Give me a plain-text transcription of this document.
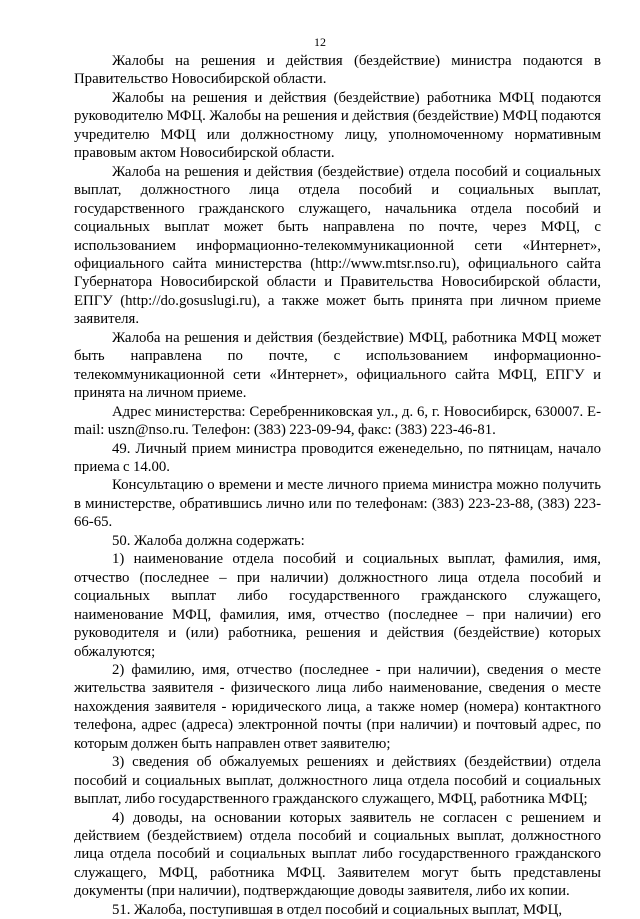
12

Жалобы на решения и действия (бездействие) министра подаются в Правительство Новосибирской области.

Жалобы на решения и действия (бездействие) работника МФЦ подаются руководителю МФЦ. Жалобы на решения и действия (бездействие) МФЦ подаются учредителю МФЦ или должностному лицу, уполномоченному нормативным правовым актом Новосибирской области.

Жалоба на решения и действия (бездействие) отдела пособий и социальных выплат, должностного лица отдела пособий и социальных выплат, государственного гражданского служащего, начальника отдела пособий и социальных выплат может быть направлена по почте, через МФЦ, с использованием информационно-телекоммуникационной сети «Интернет», официального сайта министерства (http://www.mtsr.nso.ru), официального сайта Губернатора Новосибирской области и Правительства Новосибирской области, ЕПГУ (http://do.gosuslugi.ru), а также может быть принята при личном приеме заявителя.

Жалоба на решения и действия (бездействие) МФЦ, работника МФЦ может быть направлена по почте, с использованием информационно-телекоммуникационной сети «Интернет», официального сайта МФЦ, ЕПГУ и принята на личном приеме.

Адрес министерства: Серебренниковская ул., д. 6, г. Новосибирск, 630007. E-mail: uszn@nso.ru. Телефон: (383) 223-09-94, факс: (383) 223-46-81.

49. Личный прием министра проводится еженедельно, по пятницам, начало приема с 14.00.

Консультацию о времени и месте личного приема министра можно получить в министерстве, обратившись лично или по телефонам: (383) 223-23-88, (383) 223-66-65.

50. Жалоба должна содержать:

1) наименование отдела пособий и социальных выплат, фамилия, имя, отчество (последнее – при наличии) должностного лица отдела пособий и социальных выплат либо государственного гражданского служащего, наименование МФЦ, фамилия, имя, отчество (последнее – при наличии) его руководителя и (или) работника, решения и действия (бездействие) которых обжалуются;

2) фамилию, имя, отчество (последнее - при наличии), сведения о месте жительства заявителя - физического лица либо наименование, сведения о месте нахождения заявителя - юридического лица, а также номер (номера) контактного телефона, адрес (адреса) электронной почты (при наличии) и почтовый адрес, по которым должен быть направлен ответ заявителю;

3) сведения об обжалуемых решениях и действиях (бездействии) отдела пособий и социальных выплат, должностного лица отдела пособий и социальных выплат, либо государственного гражданского служащего, МФЦ, работника МФЦ;

4) доводы, на основании которых заявитель не согласен с решением и действием (бездействием) отдела пособий и социальных выплат, должностного лица отдела пособий и социальных выплат либо государственного гражданского служащего, МФЦ, работника МФЦ. Заявителем могут быть представлены документы (при наличии), подтверждающие доводы заявителя, либо их копии.

51. Жалоба, поступившая в отдел пособий и социальных выплат, МФЦ,
